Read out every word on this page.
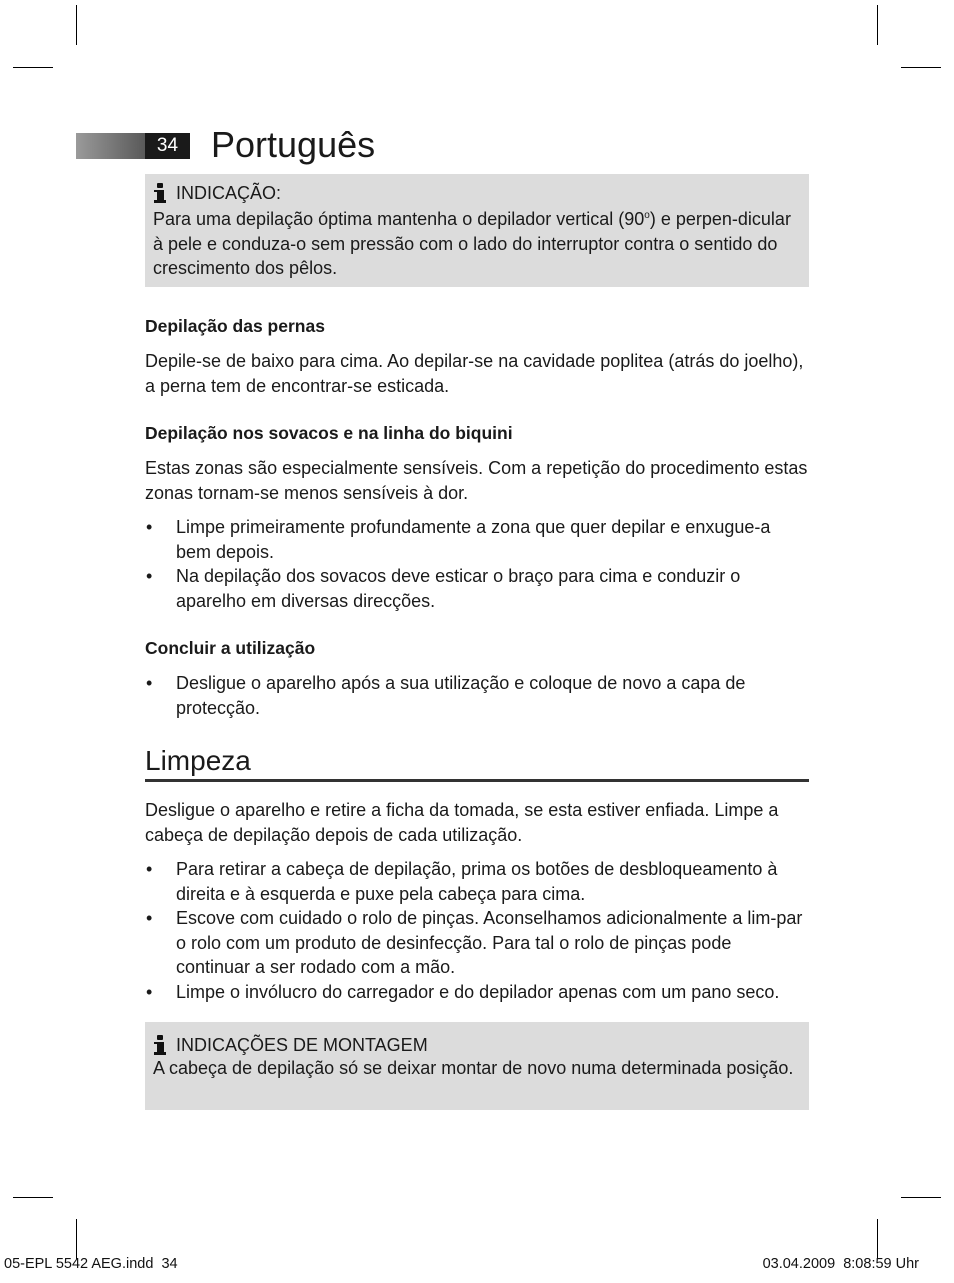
34 Português
INDICAÇÃO:

Para uma depilação óptima mantenha o depilador vertical (90$^o$) e perpen-dicular à pele e conduza-o sem pressão com o lado do interruptor contra o sentido do crescimento dos pêlos.

Depilação das pernas

Depile-se de baixo para cima. Ao depilar-se na cavidade poplitea (atrás do joelho), a perna tem de encontrar-se esticada.

Depilação nos sovacos e na linha do biquini

Estas zonas são especialmente sensíveis. Com a repetição do procedimento estas zonas tornam-se menos sensíveis à dor.

• Limpe primeiramente profundamente a zona que quer depilar e enxugue-a bem depois.
• Na depilação dos sovacos deve esticar o braço para cima e conduzir o aparelho em diversas direcções.
Concluir a utilização
• Desligue o aparelho após a sua utilização e coloque de novo a capa de protecção.
Limpeza

Desligue o aparelho e retire a ficha da tomada, se esta estiver enfiada. Limpe a cabeça de depilação depois de cada utilização.

• Para retirar a cabeça de depilação, prima os botões de desbloqueamento à direita e à esquerda e puxe pela cabeça para cima.
• Escove com cuidado o rolo de pinças. Aconselhamos adicionalmente a lim-par o rolo com um produto de desinfecção. Para tal o rolo de pinças pode continuar a ser rodado com a mão.
• Limpe o invólucro do carregador e do depilador apenas com um pano seco.
INDICAÇÕES DE MONTAGEM

A cabeça de depilação só se deixar montar de novo numa determinada posição.

05-EPL 5542 AEG.indd 34	03.04.2009 8:08:59 Uhr
